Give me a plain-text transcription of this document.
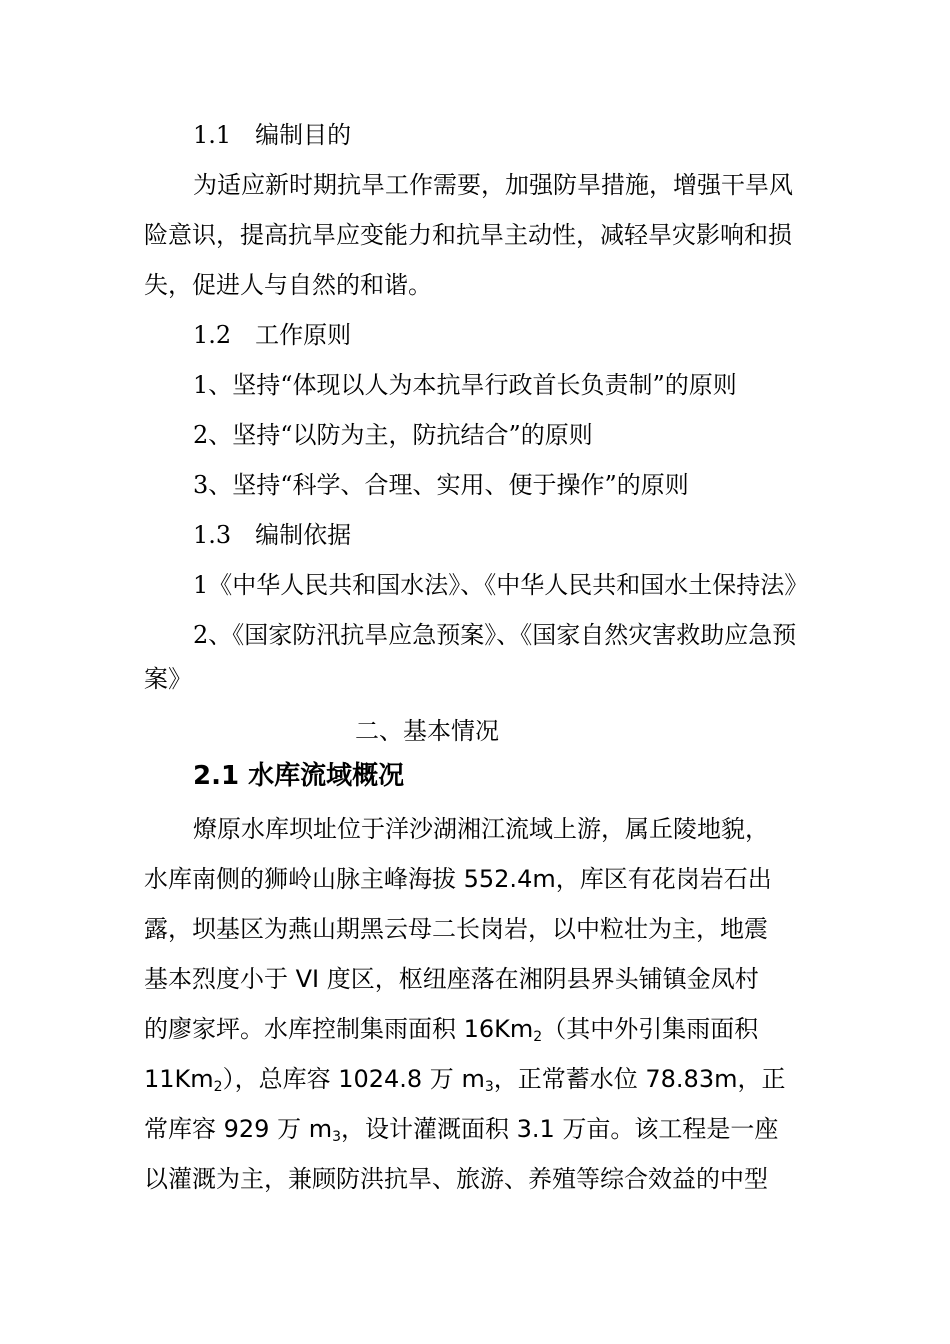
1.1 编制目的
为适应新时期抗旱工作需要，加强防旱措施，增强干旱风
险意识，提高抗旱应变能力和抗旱主动性，减轻旱灾影响和损
失，促进人与自然的和谐。
1.2 工作原则
1、坚持“体现以人为本抗旱行政首长负责制”的原则
2、坚持“以防为主，防抗结合”的原则
3、坚持“科学、合理、实用、便于操作”的原则
1.3 编制依据
1《中华人民共和国水法》、《中华人民共和国水土保持法》
2、《国家防汛抗旱应急预案》、《国家自然灾害救助应急预
案》
二、基本情况
2.1 水库流域概况
燎原水库坝址位于洋沙湖湘江流域上游，属丘陵地貌，
水库南侧的狮岭山脉主峰海拔 552.4m，库区有花岗岩石出
露，坝基区为燕山期黑云母二长岗岩，以中粒壮为主，地震
基本烈度小于 VI 度区，枢纽座落在湘阴县界头铺镇金凤村
的廖家坪。水库控制集雨面积 $16Km_2$（其中外引集雨面积
$11Km_2$），总库容 1024.8 万 $m_3$，正常蓄水位 78.83m，正
常库容 929 万 $m_3$，设计灌溉面积 3.1 万亩。该工程是一座
以灌溉为主，兼顾防洪抗旱、旅游、养殖等综合效益的中型
